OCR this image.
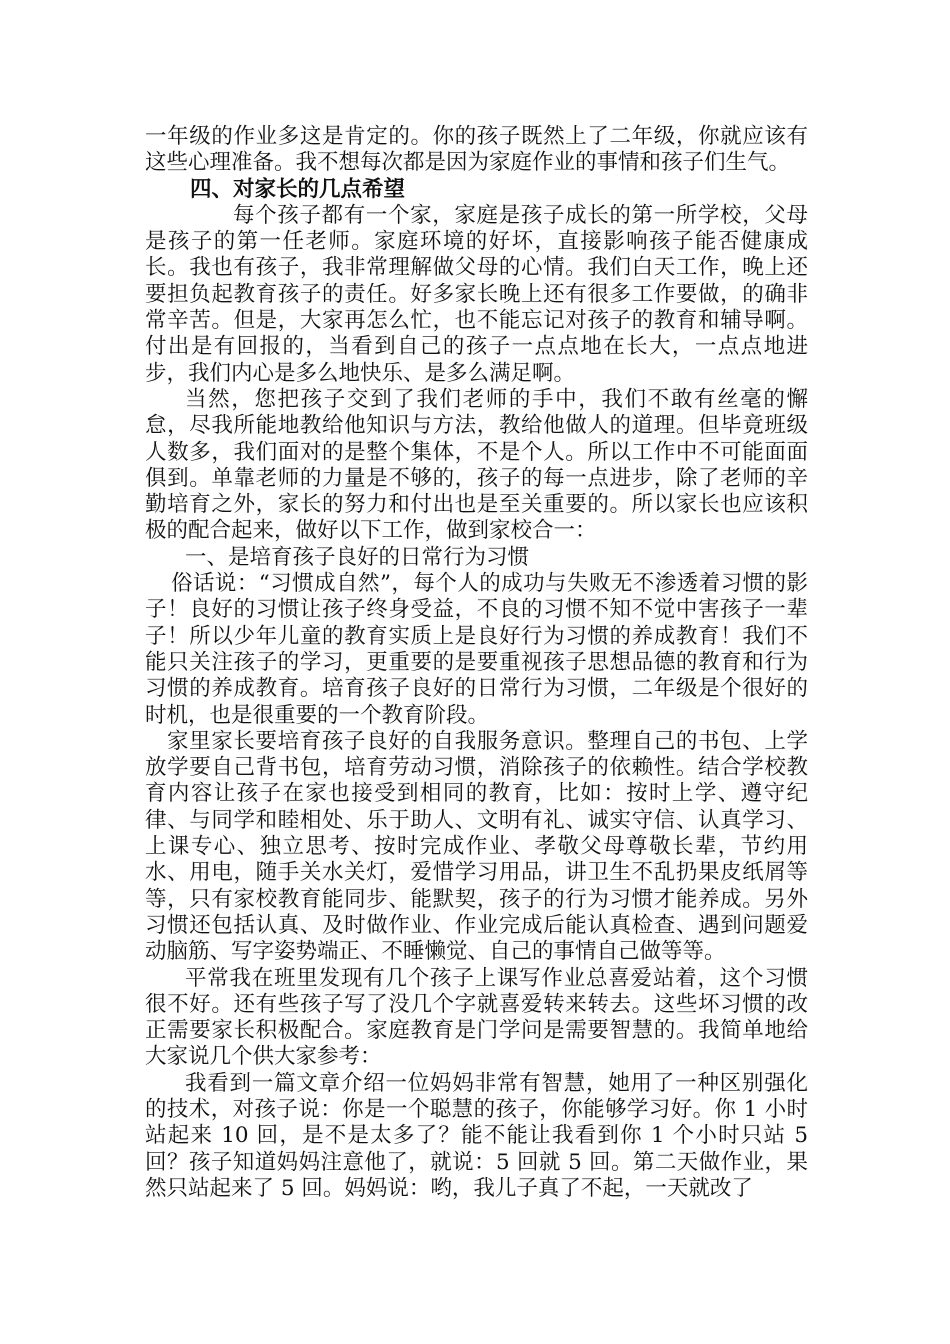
一年级的作业多这是肯定的。你的孩子既然上了二年级，你就应该有这些心理准备。我不想每次都是因为家庭作业的事情和孩子们生气。

四、对家长的几点希望

每个孩子都有一个家，家庭是孩子成长的第一所学校，父母是孩子的第一任老师。家庭环境的好坏，直接影响孩子能否健康成长。我也有孩子，我非常理解做父母的心情。我们白天工作，晚上还要担负起教育孩子的责任。好多家长晚上还有很多工作要做，的确非常辛苦。但是，大家再怎么忙，也不能忘记对孩子的教育和辅导啊。付出是有回报的，当看到自己的孩子一点点地在长大，一点点地进步，我们内心是多么地快乐、是多么满足啊。

当然，您把孩子交到了我们老师的手中，我们不敢有丝毫的懈怠，尽我所能地教给他知识与方法，教给他做人的道理。但毕竟班级人数多，我们面对的是整个集体，不是个人。所以工作中不可能面面俱到。单靠老师的力量是不够的，孩子的每一点进步，除了老师的辛勤培育之外，家长的努力和付出也是至关重要的。所以家长也应该积极的配合起来，做好以下工作，做到家校合一：

一、是培育孩子良好的日常行为习惯

俗话说：“习惯成自然”，每个人的成功与失败无不渗透着习惯的影子！良好的习惯让孩子终身受益，不良的习惯不知不觉中害孩子一辈子！所以少年儿童的教育实质上是良好行为习惯的养成教育！我们不能只关注孩子的学习，更重要的是要重视孩子思想品德的教育和行为习惯的养成教育。培育孩子良好的日常行为习惯，二年级是个很好的时机，也是很重要的一个教育阶段。

家里家长要培育孩子良好的自我服务意识。整理自己的书包、上学放学要自己背书包，培育劳动习惯，消除孩子的依赖性。结合学校教育内容让孩子在家也接受到相同的教育，比如：按时上学、遵守纪律、与同学和睦相处、乐于助人、文明有礼、诚实守信、认真学习、上课专心、独立思考、按时完成作业、孝敬父母尊敬长辈，节约用水、用电，随手关水关灯，爱惜学习用品，讲卫生不乱扔果皮纸屑等等，只有家校教育能同步、能默契，孩子的行为习惯才能养成。另外习惯还包括认真、及时做作业、作业完成后能认真检查、遇到问题爱动脑筋、写字姿势端正、不睡懒觉、自己的事情自己做等等。

平常我在班里发现有几个孩子上课写作业总喜爱站着，这个习惯很不好。还有些孩子写了没几个字就喜爱转来转去。这些坏习惯的改正需要家长积极配合。家庭教育是门学问是需要智慧的。我简单地给大家说几个供大家参考：

我看到一篇文章介绍一位妈妈非常有智慧，她用了一种区别强化的技术，对孩子说：你是一个聪慧的孩子，你能够学习好。你 1 小时站起来 10 回，是不是太多了？能不能让我看到你 1 个小时只站 5 回？孩子知道妈妈注意他了，就说：5 回就 5 回。第二天做作业，果然只站起来了 5 回。妈妈说：哟，我儿子真了不起，一天就改了
